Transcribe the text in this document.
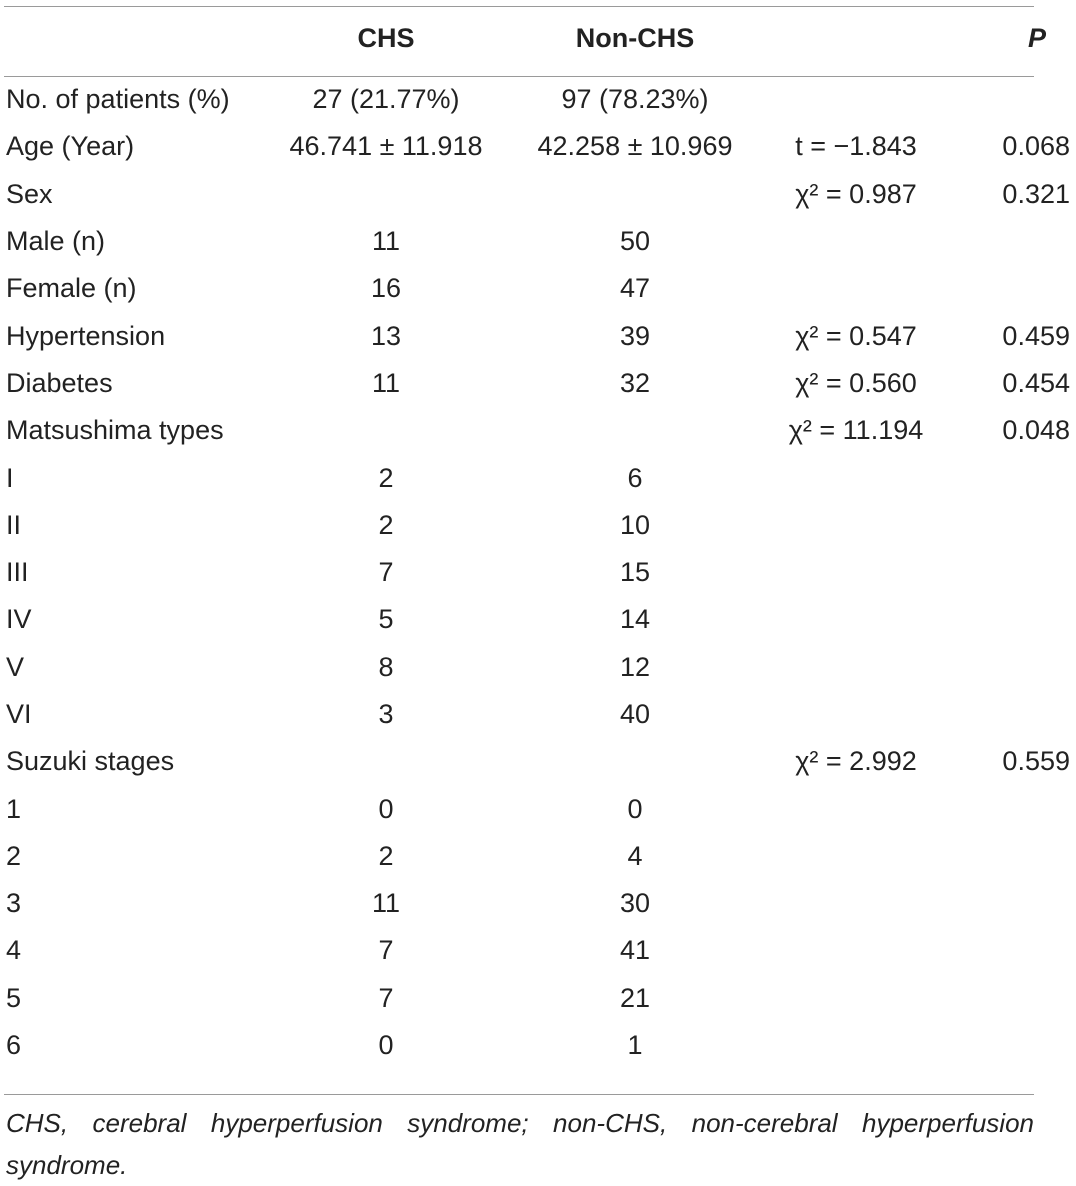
	CHS	Non-CHS		P
No. of patients (%)	27 (21.77%)	97 (78.23%)		
Age (Year)	46.741 ± 11.918	42.258 ± 10.969	t = −1.843	0.068
Sex			χ² = 0.987	0.321
Male (n)	11	50		
Female (n)	16	47		
Hypertension	13	39	χ² = 0.547	0.459
Diabetes	11	32	χ² = 0.560	0.454
Matsushima types			χ² = 11.194	0.048
I	2	6		
II	2	10		
III	7	15		
IV	5	14		
V	8	12		
VI	3	40		
Suzuki stages			χ² = 2.992	0.559
1	0	0		
2	2	4		
3	11	30		
4	7	41		
5	7	21		
6	0	1		
CHS, cerebral hyperperfusion syndrome; non-CHS, non-cerebral hyperperfusion syndrome.
